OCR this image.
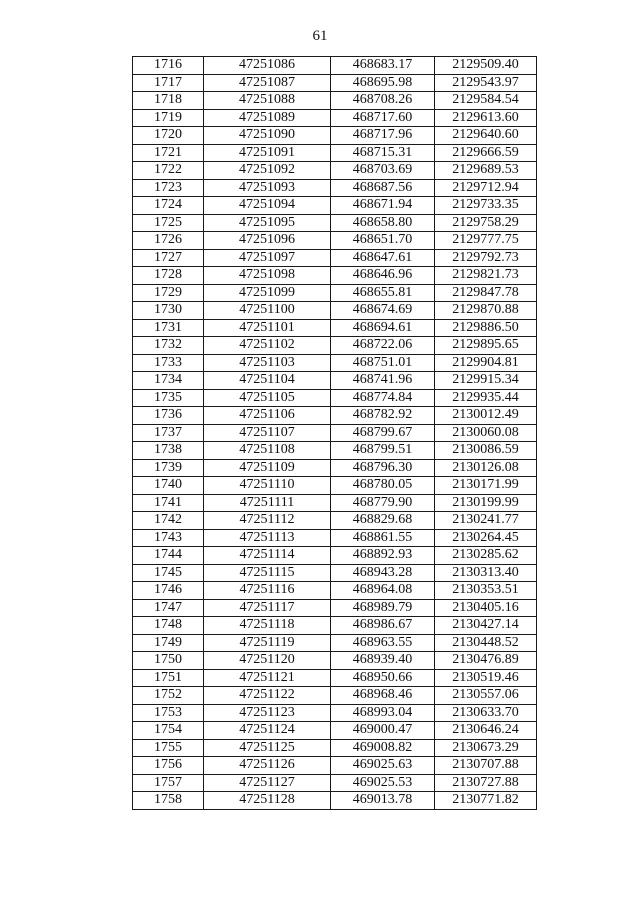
61
1716	47251086	468683.17	2129509.40
1717	47251087	468695.98	2129543.97
1718	47251088	468708.26	2129584.54
1719	47251089	468717.60	2129613.60
1720	47251090	468717.96	2129640.60
1721	47251091	468715.31	2129666.59
1722	47251092	468703.69	2129689.53
1723	47251093	468687.56	2129712.94
1724	47251094	468671.94	2129733.35
1725	47251095	468658.80	2129758.29
1726	47251096	468651.70	2129777.75
1727	47251097	468647.61	2129792.73
1728	47251098	468646.96	2129821.73
1729	47251099	468655.81	2129847.78
1730	47251100	468674.69	2129870.88
1731	47251101	468694.61	2129886.50
1732	47251102	468722.06	2129895.65
1733	47251103	468751.01	2129904.81
1734	47251104	468741.96	2129915.34
1735	47251105	468774.84	2129935.44
1736	47251106	468782.92	2130012.49
1737	47251107	468799.67	2130060.08
1738	47251108	468799.51	2130086.59
1739	47251109	468796.30	2130126.08
1740	47251110	468780.05	2130171.99
1741	47251111	468779.90	2130199.99
1742	47251112	468829.68	2130241.77
1743	47251113	468861.55	2130264.45
1744	47251114	468892.93	2130285.62
1745	47251115	468943.28	2130313.40
1746	47251116	468964.08	2130353.51
1747	47251117	468989.79	2130405.16
1748	47251118	468986.67	2130427.14
1749	47251119	468963.55	2130448.52
1750	47251120	468939.40	2130476.89
1751	47251121	468950.66	2130519.46
1752	47251122	468968.46	2130557.06
1753	47251123	468993.04	2130633.70
1754	47251124	469000.47	2130646.24
1755	47251125	469008.82	2130673.29
1756	47251126	469025.63	2130707.88
1757	47251127	469025.53	2130727.88
1758	47251128	469013.78	2130771.82
